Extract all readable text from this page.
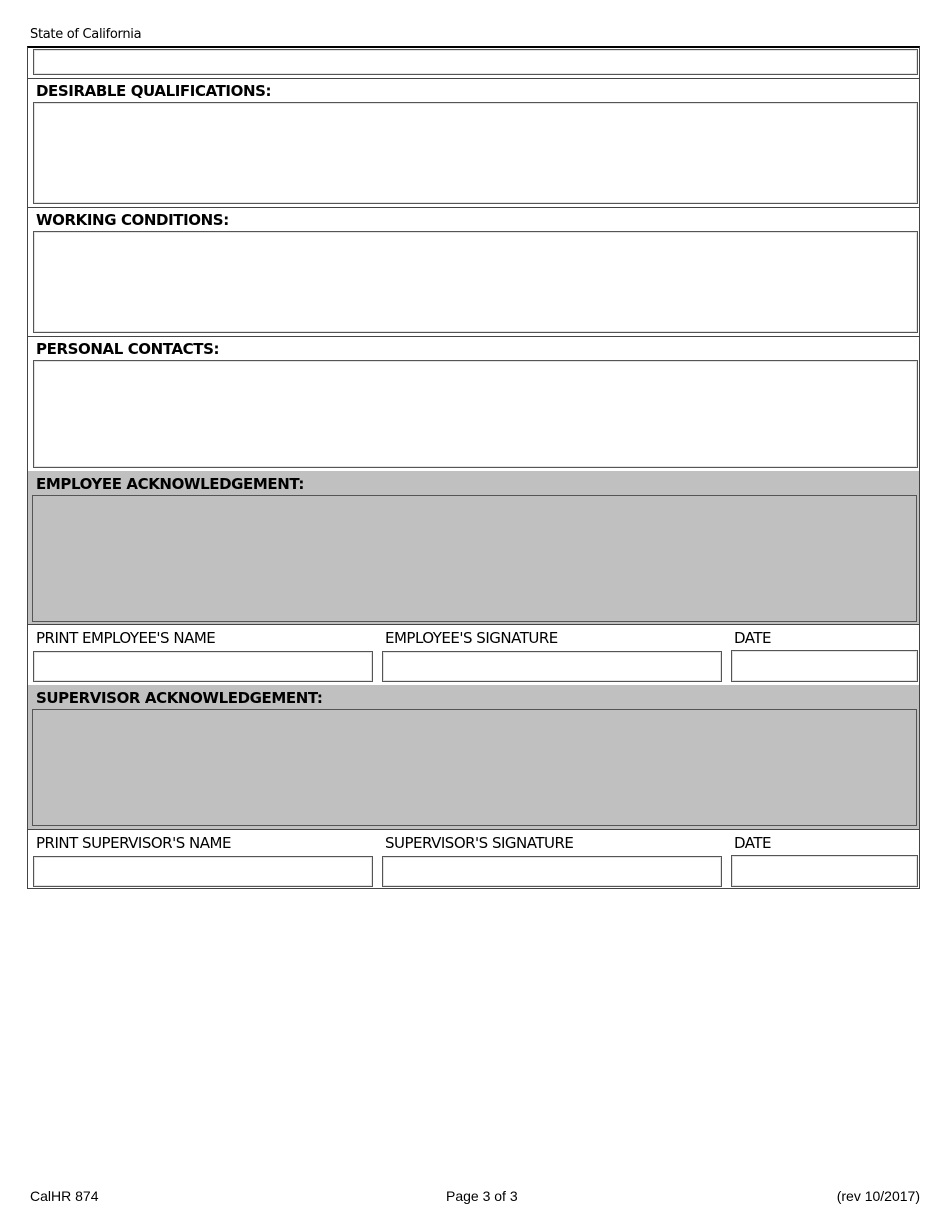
State of California
DESIRABLE QUALIFICATIONS:
WORKING CONDITIONS:
PERSONAL CONTACTS:
EMPLOYEE ACKNOWLEDGEMENT:
PRINT EMPLOYEE'S NAME	EMPLOYEE'S SIGNATURE	DATE
SUPERVISOR ACKNOWLEDGEMENT:
PRINT SUPERVISOR'S NAME	SUPERVISOR'S SIGNATURE	DATE
CalHR 874	Page 3 of 3	(rev 10/2017)
